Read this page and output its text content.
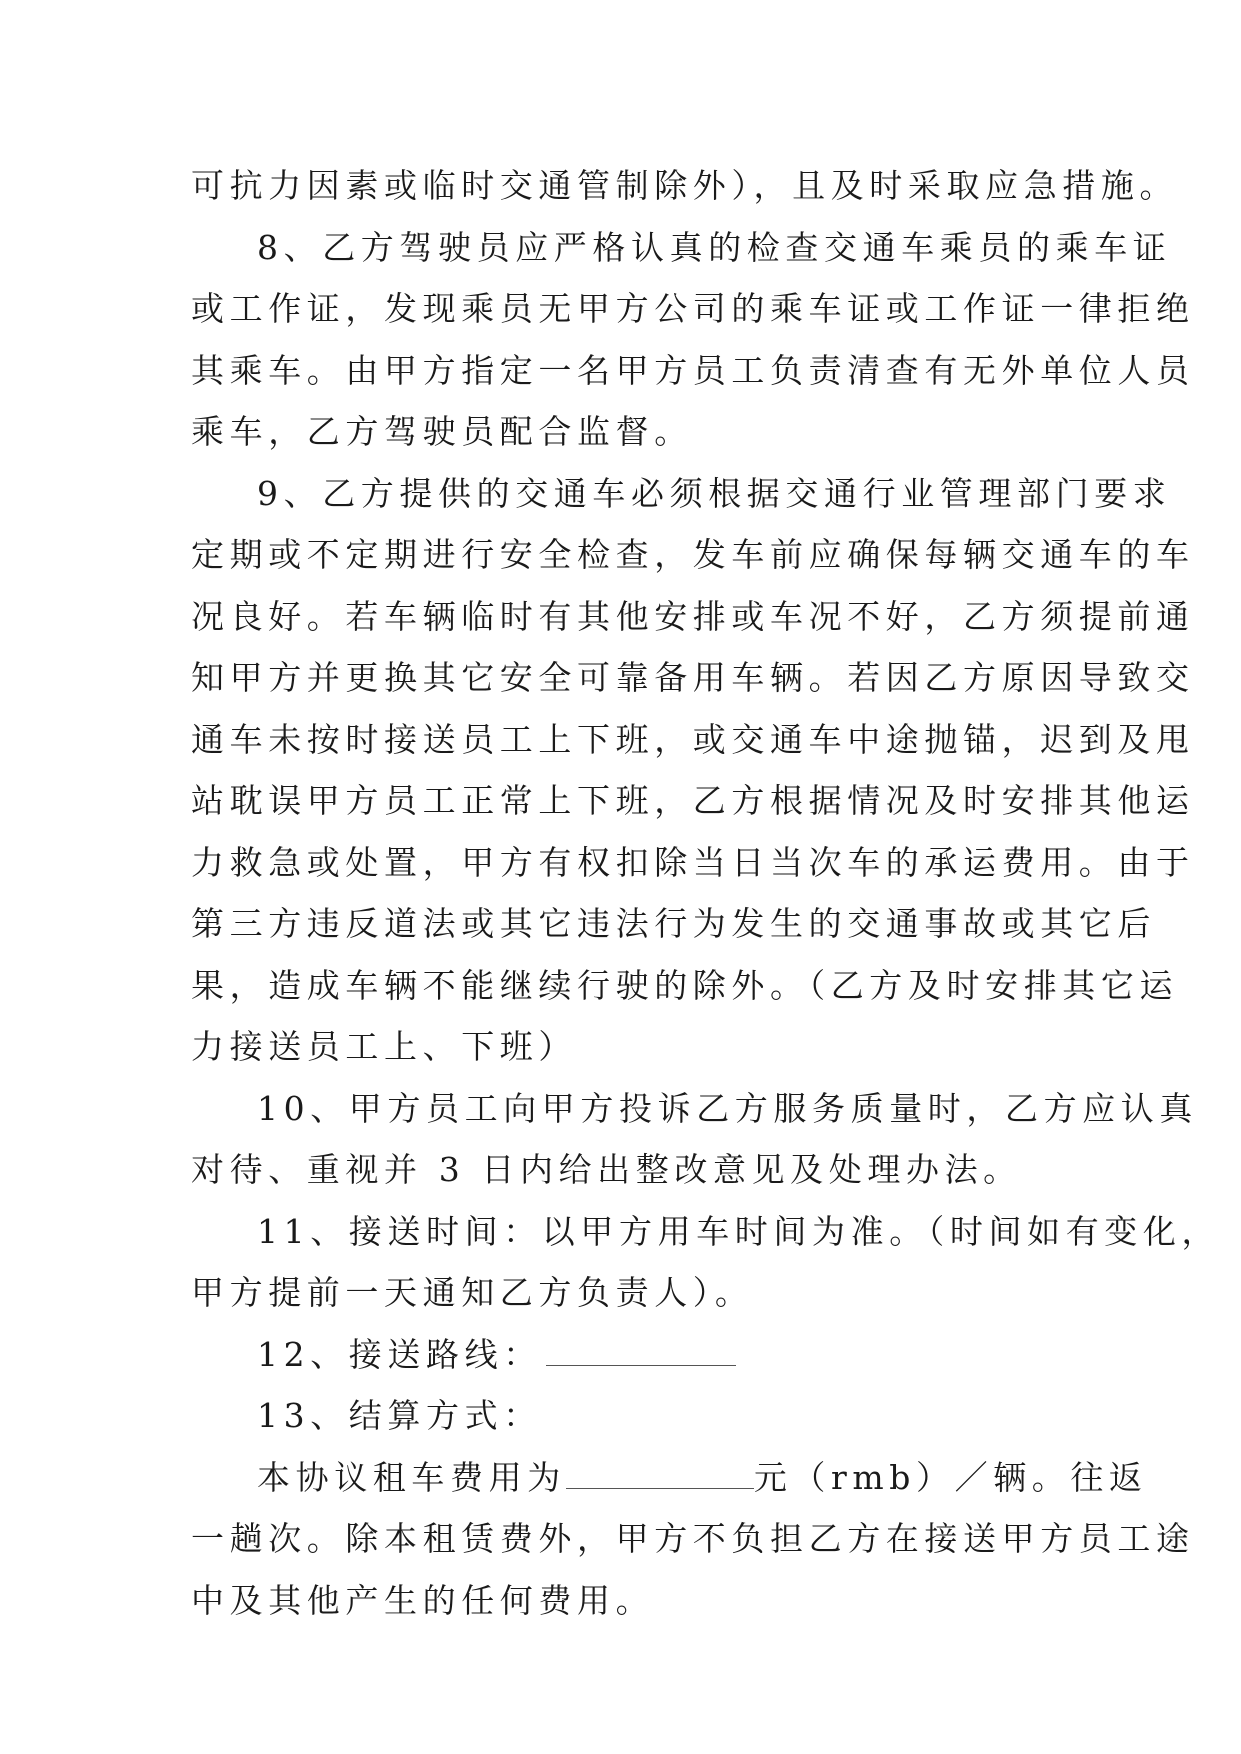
可抗力因素或临时交通管制除外），且及时采取应急措施。
8、乙方驾驶员应严格认真的检查交通车乘员的乘车证
或工作证，发现乘员无甲方公司的乘车证或工作证一律拒绝
其乘车。由甲方指定一名甲方员工负责清查有无外单位人员
乘车，乙方驾驶员配合监督。
9、乙方提供的交通车必须根据交通行业管理部门要求
定期或不定期进行安全检查，发车前应确保每辆交通车的车
况良好。若车辆临时有其他安排或车况不好，乙方须提前通
知甲方并更换其它安全可靠备用车辆。若因乙方原因导致交
通车未按时接送员工上下班，或交通车中途抛锚，迟到及甩
站耽误甲方员工正常上下班，乙方根据情况及时安排其他运
力救急或处置，甲方有权扣除当日当次车的承运费用。由于
第三方违反道法或其它违法行为发生的交通事故或其它后
果，造成车辆不能继续行驶的除外。（乙方及时安排其它运
力接送员工上、下班）
10、甲方员工向甲方投诉乙方服务质量时，乙方应认真
对待、重视并 3 日内给出整改意见及处理办法。
11、接送时间：以甲方用车时间为准。（时间如有变化，
甲方提前一天通知乙方负责人）。
12、接送路线：
13、结算方式：
本协议租车费用为	元（rmb）／辆。往返
一趟次。除本租赁费外，甲方不负担乙方在接送甲方员工途
中及其他产生的任何费用。
